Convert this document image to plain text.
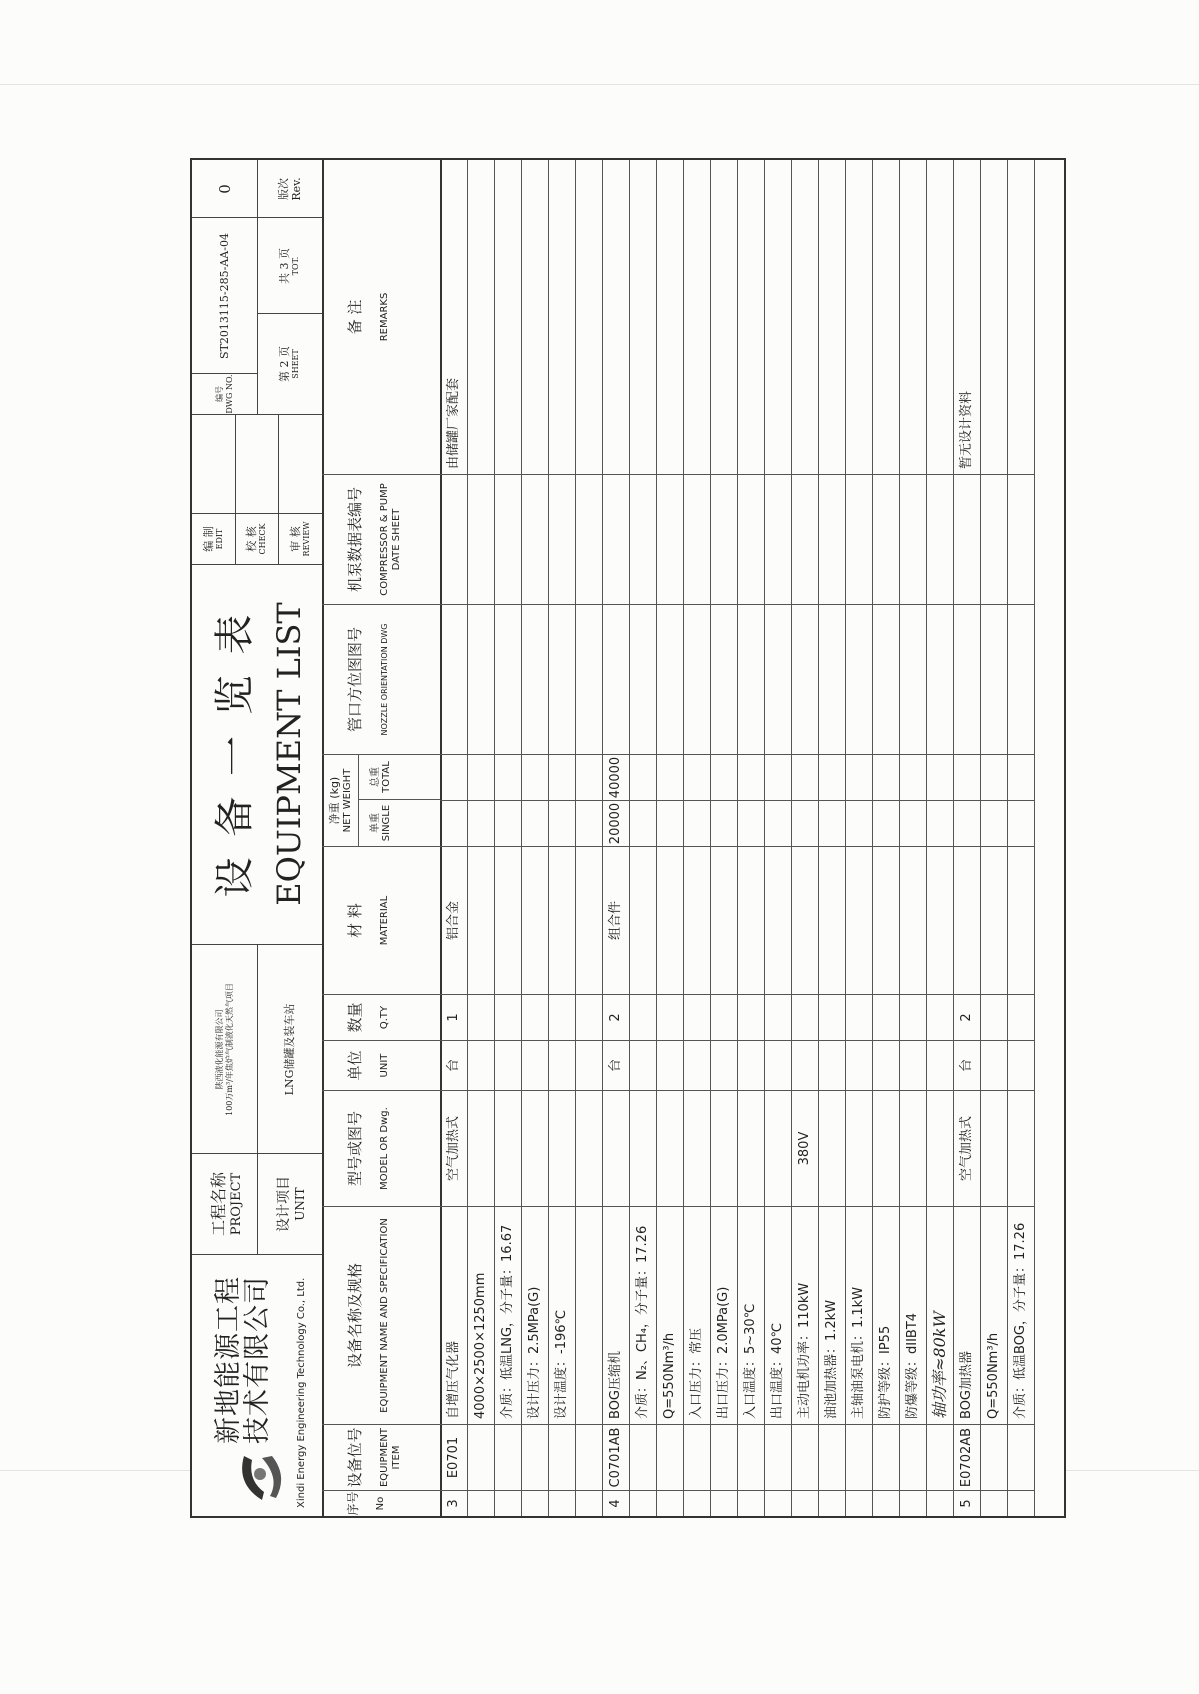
新地能源工程
技术有限公司 Xindi Energy Engineering Technology Co., Ltd.
工程名称 PROJECT
陕西液化能源有限公司 100万m³/年焦炉气制液化天然气项目
设计项目 UNIT
LNG储罐及装车站
设 备 一 览 表 EQUIPMENT LIST
编 制 EDIT 校 核 CHECK 审 核 REVIEW
编号 DWG NO.
ST2013115-285-AA-04
0
第 2 页 SHEET
共 3 页 TOT.
版次 Rev.
序号 No
设备位号 EQUIPMENT ITEM
设备名称及规格 EQUIPMENT NAME AND SPECIFICATION
型号或图号 MODEL OR Dwg.
单位 UNIT
数量 Q.TY
材 料 MATERIAL
净重 (kg) NET WEIGHT	单重 SINGLE
总重 TOTAL
管口方位图图号 NOZZLE ORIENTATION DWG
机泵数据表编号 COMPRESSOR & PUMP DATE SHEET
备 注 REMARKS
3
E0701
自增压气化器
空气加热式
台
1
铝合金
由储罐厂家配套
4000×2500×1250mm 介质：低温LNG，分子量：16.67 设计压力：2.5MPa(G) 设计温度：-196℃
4
C0701AB
BOG压缩机
台
2
组合件
20000
40000
介质：N₂、CH₄，分子量：17.26 Q=550Nm³/h 入口压力：常压 出口压力：2.0MPa(G) 入口温度：5~30℃ 出口温度：40℃ 主动电机功率：110kW
380V
油池加热器：1.2kW 主轴油泵电机：1.1kW 防护等级：IP55 防爆等级：dIIBT4 轴功率≈80kW
5
E0702AB
BOG加热器
空气加热式
台
2
暂无设计资料
Q=550Nm³/h 介质：低温BOG，分子量：17.26
